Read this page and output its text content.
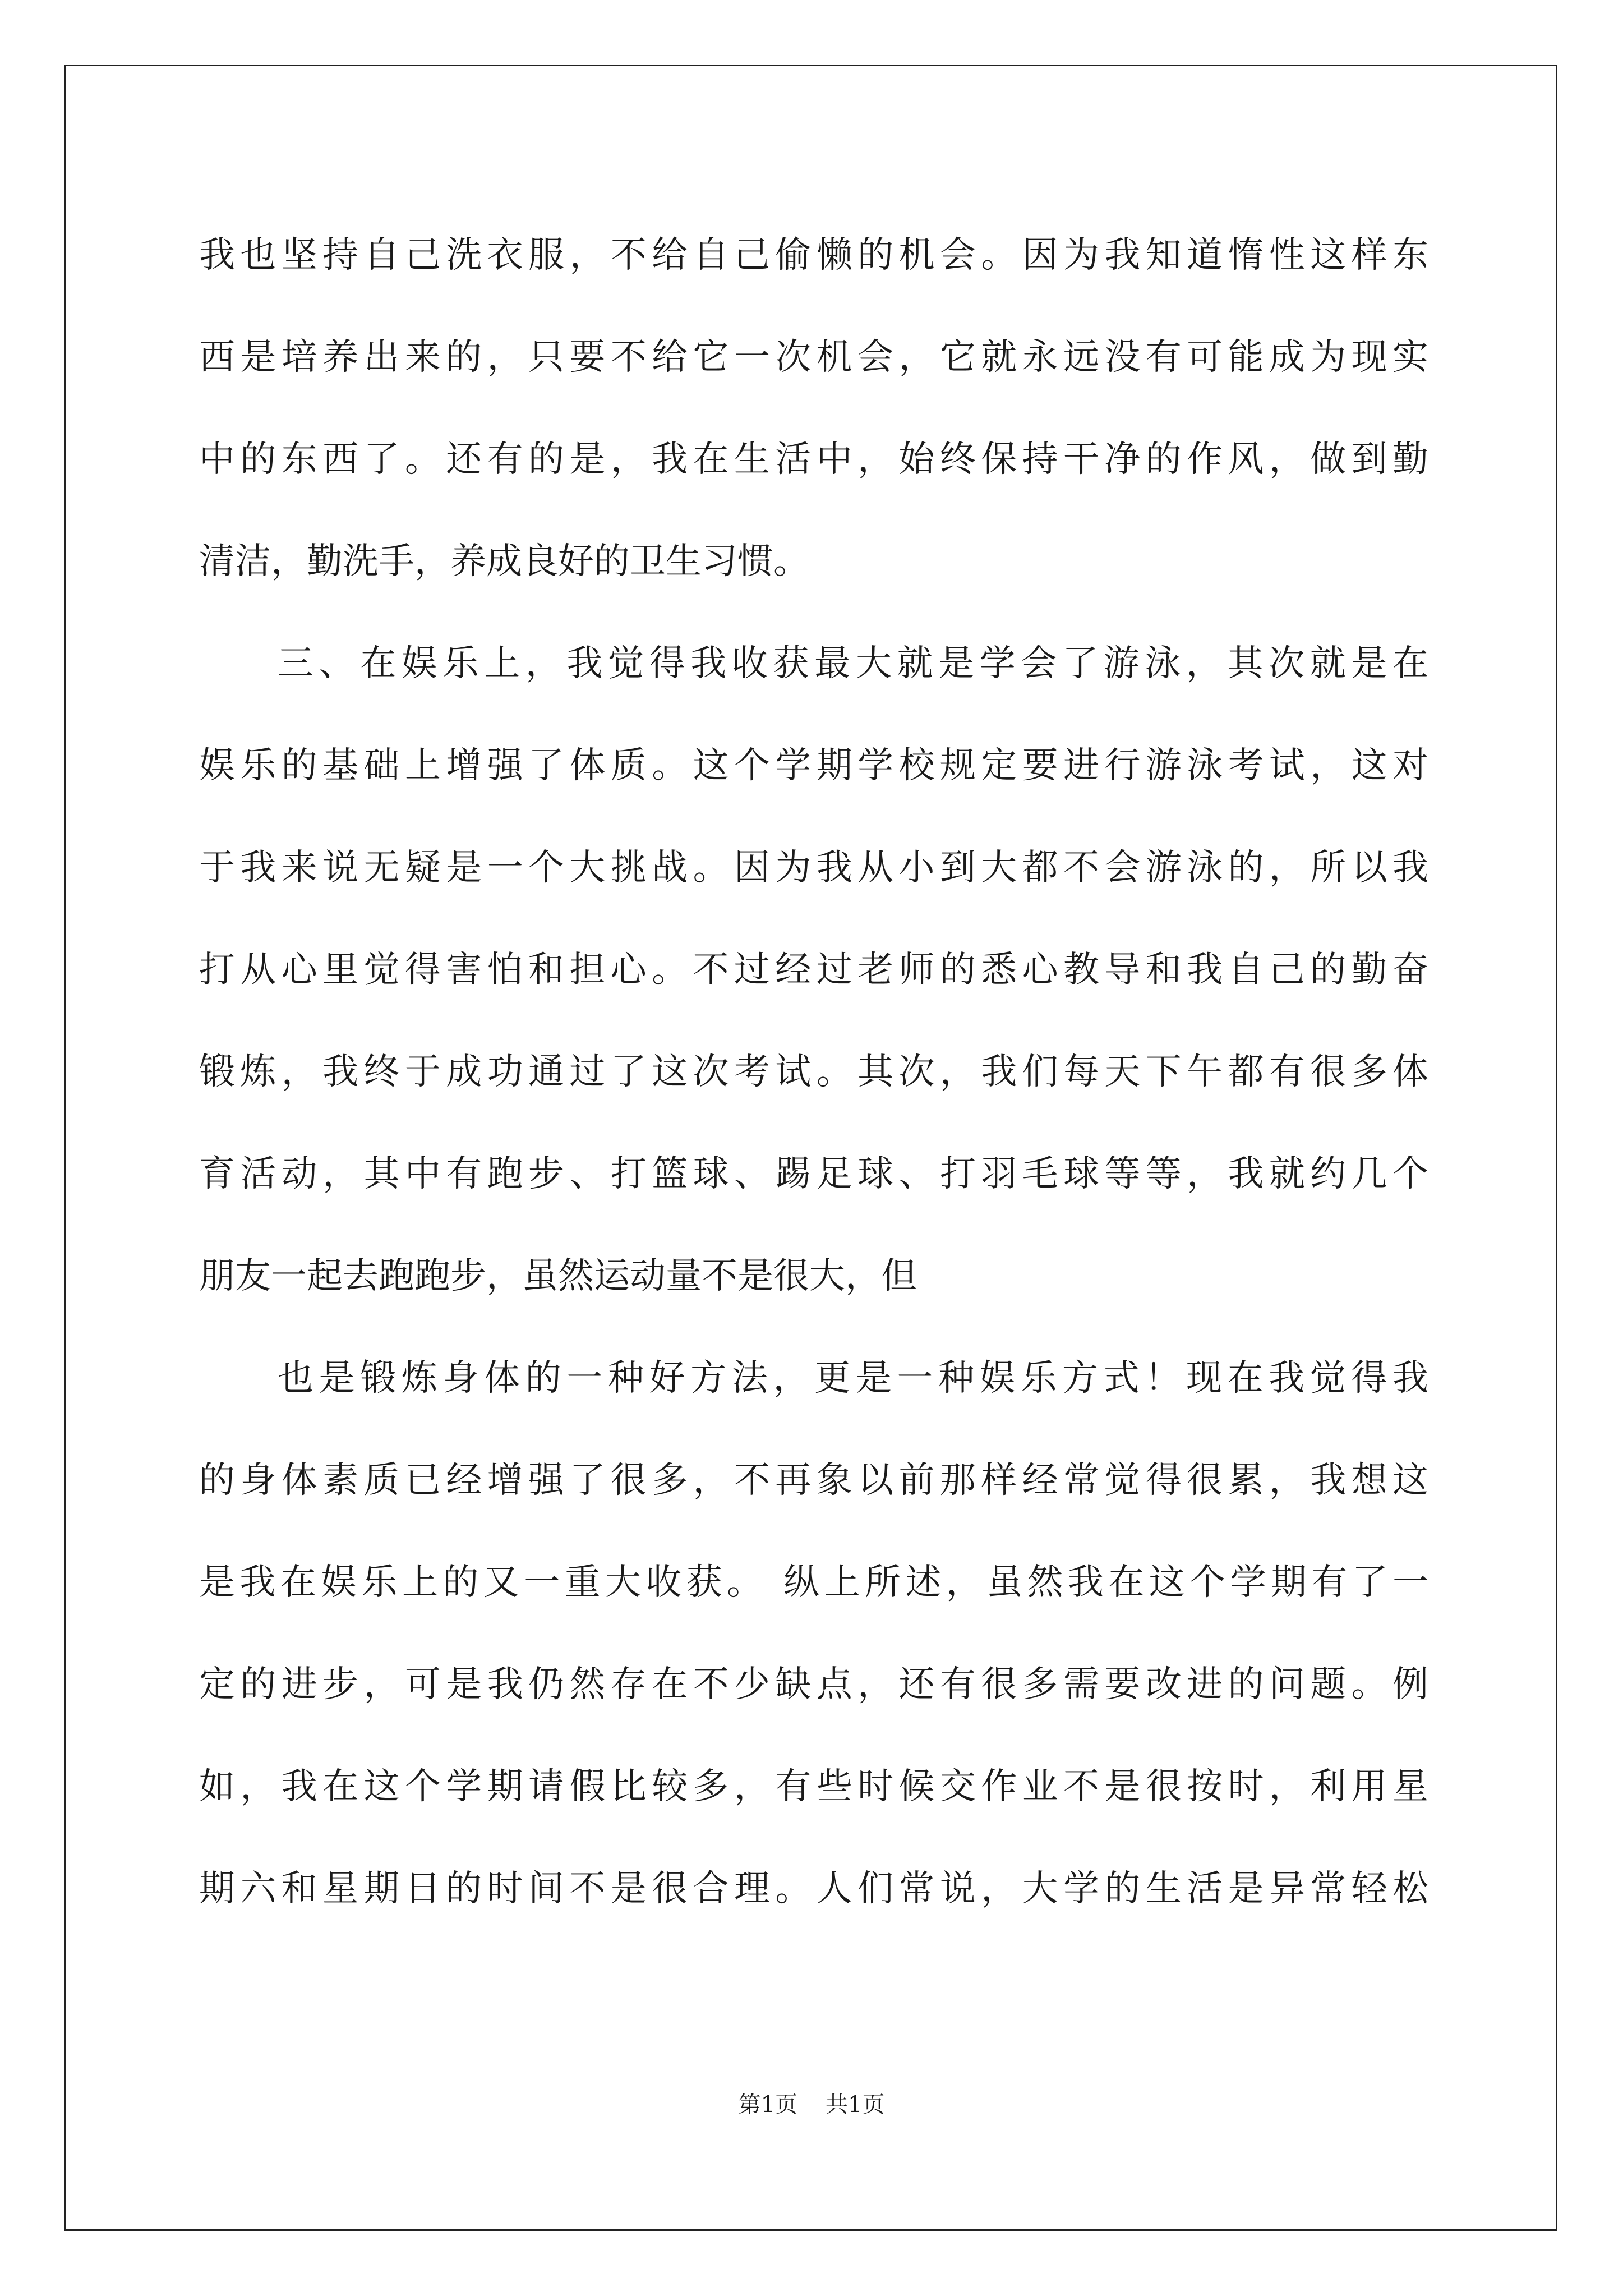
我也坚持自己洗衣服，不给自己偷懒的机会。因为我知道惰性这样东
西是培养出来的，只要不给它一次机会，它就永远没有可能成为现实
中的东西了。还有的是，我在生活中，始终保持干净的作风，做到勤
清洁，勤洗手，养成良好的卫生习惯。
三、在娱乐上，我觉得我收获最大就是学会了游泳，其次就是在
娱乐的基础上增强了体质。这个学期学校规定要进行游泳考试，这对
于我来说无疑是一个大挑战。因为我从小到大都不会游泳的，所以我
打从心里觉得害怕和担心。不过经过老师的悉心教导和我自己的勤奋
锻炼，我终于成功通过了这次考试。其次，我们每天下午都有很多体
育活动，其中有跑步、打篮球、踢足球、打羽毛球等等，我就约几个
朋友一起去跑跑步，虽然运动量不是很大，但
也是锻炼身体的一种好方法，更是一种娱乐方式！现在我觉得我
的身体素质已经增强了很多，不再象以前那样经常觉得很累，我想这
是我在娱乐上的又一重大收获。 纵上所述，虽然我在这个学期有了一
定的进步，可是我仍然存在不少缺点，还有很多需要改进的问题。例
如，我在这个学期请假比较多，有些时候交作业不是很按时，利用星
期六和星期日的时间不是很合理。人们常说，大学的生活是异常轻松
第1页 共1页
